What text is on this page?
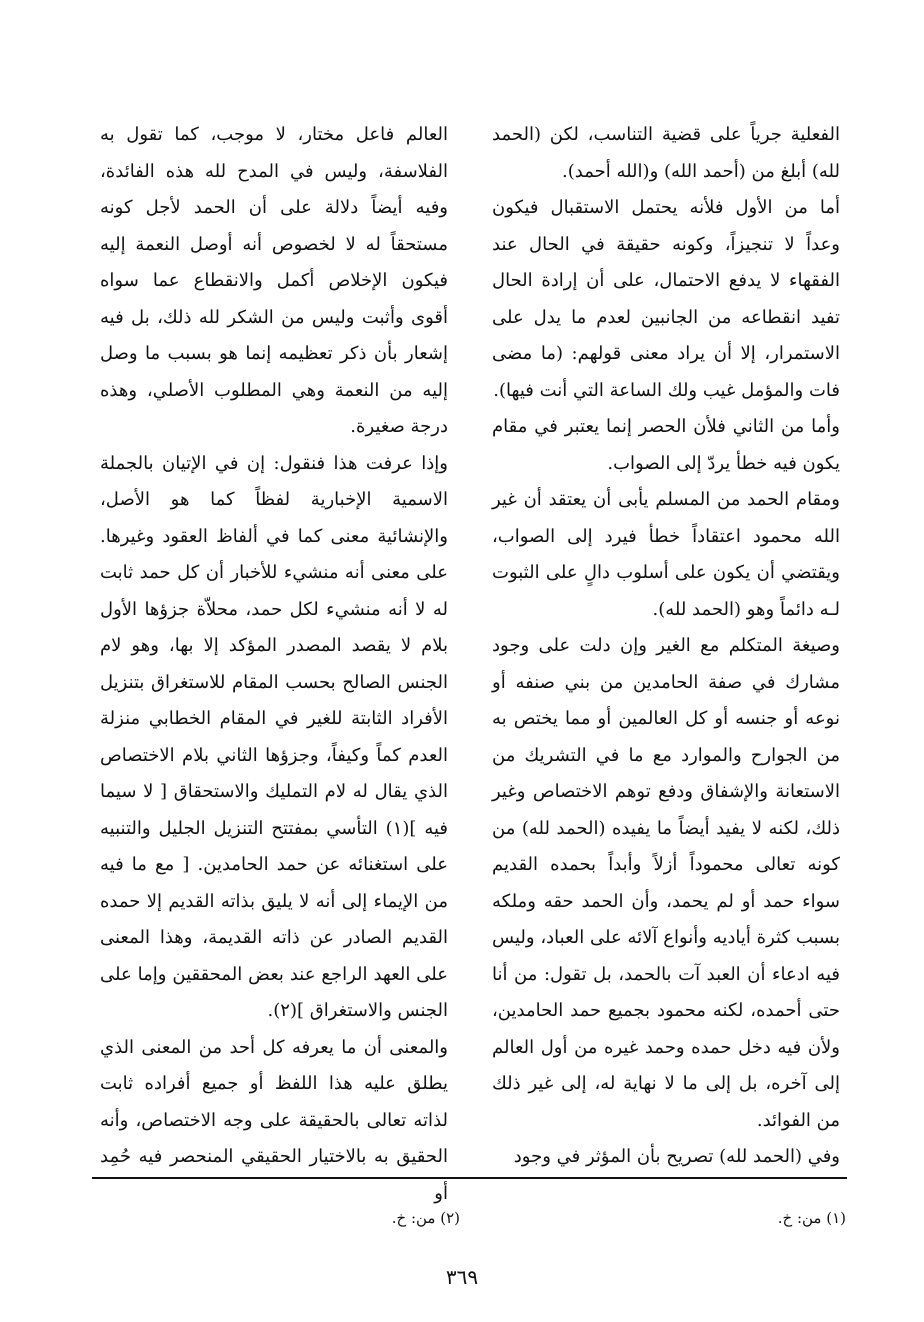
الفعلية جرياً على قضية التناسب، لكن (الحمد لله) أبلغ من (أحمد الله) و(الله أحمد).

أما من الأول فلأنه يحتمل الاستقبال فيكون وعداً لا تنجيزاً، وكونه حقيقة في الحال عند الفقهاء لا يدفع الاحتمال، على أن إرادة الحال تفيد انقطاعه من الجانبين لعدم ما يدل على الاستمرار، إلا أن يراد معنى قولهم: (ما مضى فات والمؤمل غيب ولك الساعة التي أنت فيها).

وأما من الثاني فلأن الحصر إنما يعتبر في مقام يكون فيه خطأ يردّ إلى الصواب.

ومقام الحمد من المسلم يأبى أن يعتقد أن غير الله محمود اعتقاداً خطأ فيرد إلى الصواب، ويقتضي أن يكون على أسلوب دالٍ على الثبوت لـه دائماً وهو (الحمد لله).

وصيغة المتكلم مع الغير وإن دلت على وجود مشارك في صفة الحامدين من بني صنفه أو نوعه أو جنسه أو كل العالمين أو مما يختص به من الجوارح والموارد مع ما في التشريك من الاستعانة والإشفاق ودفع توهم الاختصاص وغير ذلك، لكنه لا يفيد أيضاً ما يفيده (الحمد لله) من كونه تعالى محموداً أزلاً وأبداً بحمده القديم سواء حمد أو لم يحمد، وأن الحمد حقه وملكه بسبب كثرة أياديه وأنواع آلائه على العباد، وليس فيه ادعاء أن العبد آت بالحمد، بل تقول: من أنا حتى أحمده، لكنه محمود بجميع حمد الحامدين، ولأن فيه دخل حمده وحمد غيره من أول العالم إلى آخره، بل إلى ما لا نهاية له، إلى غير ذلك من الفوائد.

وفي (الحمد لله) تصريح بأن المؤثر في وجود

العالم فاعل مختار، لا موجب، كما تقول به الفلاسفة، وليس في المدح لله هذه الفائدة، وفيه أيضاً دلالة على أن الحمد لأجل كونه مستحقاً له لا لخصوص أنه أوصل النعمة إليه فيكون الإخلاص أكمل والانقطاع عما سواه أقوى وأثبت وليس من الشكر لله ذلك، بل فيه إشعار بأن ذكر تعظيمه إنما هو بسبب ما وصل إليه من النعمة وهي المطلوب الأصلي، وهذه درجة صغيرة.

وإذا عرفت هذا فنقول: إن في الإتيان بالجملة الاسمية الإخبارية لفظاً كما هو الأصل، والإنشائية معنى كما في ألفاظ العقود وغيرها. على معنى أنه منشيء للأخبار أن كل حمد ثابت له لا أنه منشيء لكل حمد، محلاّة جزؤها الأول بلام لا يقصد المصدر المؤكد إلا بها، وهو لام الجنس الصالح بحسب المقام للاستغراق بتنزيل الأفراد الثابتة للغير في المقام الخطابي منزلة العدم كماً وكيفاً، وجزؤها الثاني بلام الاختصاص الذي يقال له لام التمليك والاستحقاق [ لا سيما فيه ](١) التأسي بمفتتح التنزيل الجليل والتنبيه على استغنائه عن حمد الحامدين. [ مع ما فيه من الإيماء إلى أنه لا يليق بذاته القديم إلا حمده القديم الصادر عن ذاته القديمة، وهذا المعنى على العهد الراجع عند بعض المحققين وإما على الجنس والاستغراق ](٢).

والمعنى أن ما يعرفه كل أحد من المعنى الذي يطلق عليه هذا اللفظ أو جميع أفراده ثابت لذاته تعالى بالحقيقة على وجه الاختصاص، وأنه الحقيق به بالاختيار الحقيقي المنحصر فيه حُمِد أو

(١) من: خ.
(٢) من: خ.
٣٦٩
